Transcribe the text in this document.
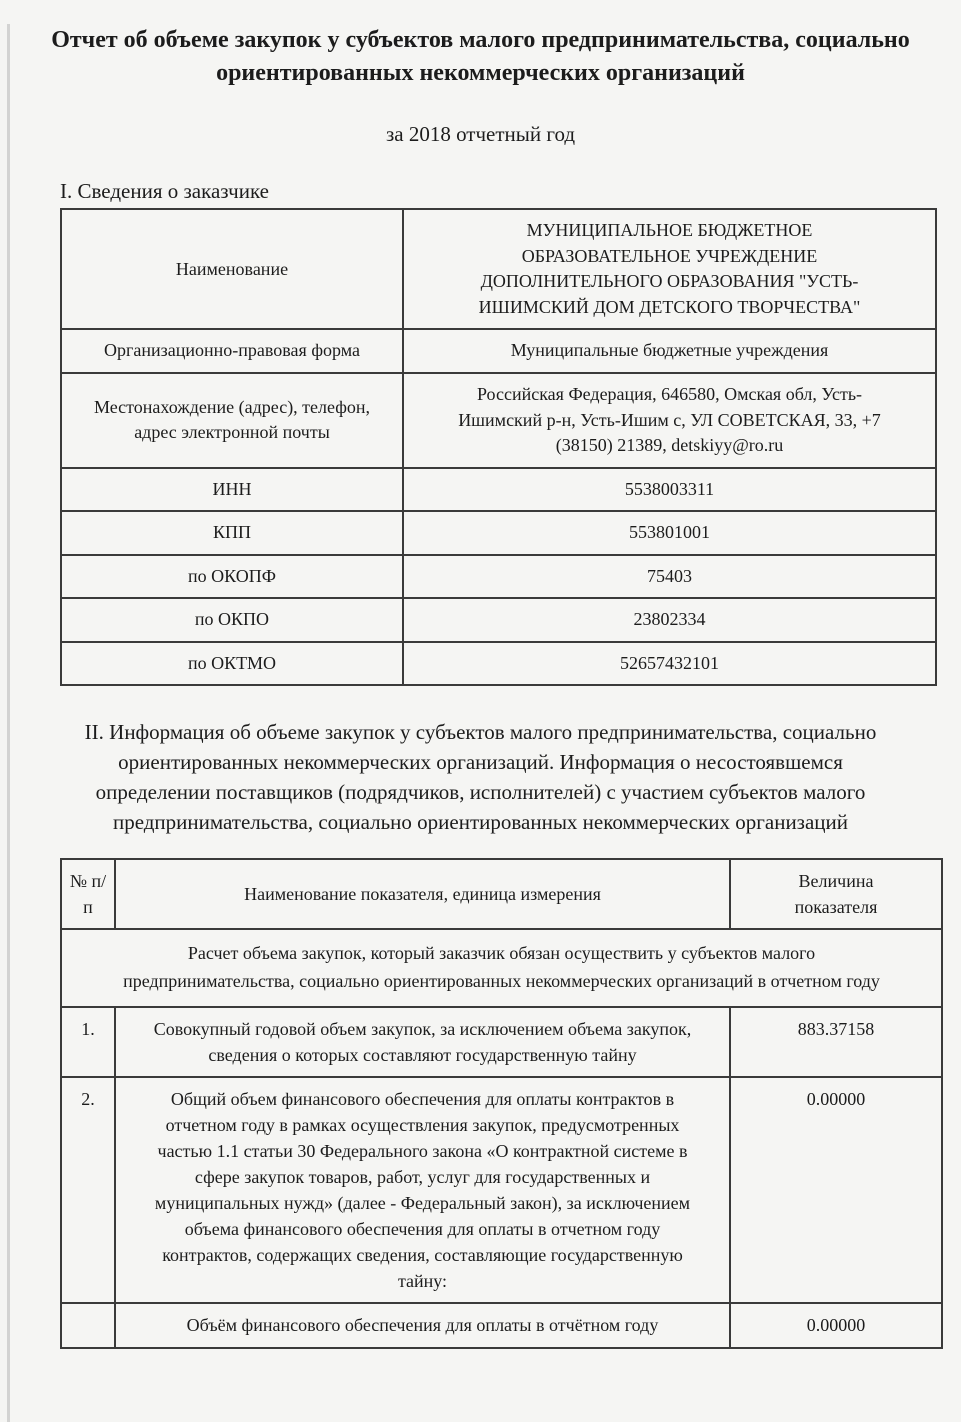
Отчет об объеме закупок у субъектов малого предпринимательства, социально ориентированных некоммерческих организаций

за 2018 отчетный год

I. Сведения о заказчике
Наименование	МУНИЦИПАЛЬНОЕ БЮДЖЕТНОЕ ОБРАЗОВАТЕЛЬНОЕ УЧРЕЖДЕНИЕ ДОПОЛНИТЕЛЬНОГО ОБРАЗОВАНИЯ "УСТЬ-ИШИМСКИЙ ДОМ ДЕТСКОГО ТВОРЧЕСТВА"
Организационно-правовая форма	Муниципальные бюджетные учреждения
Местонахождение (адрес), телефон, адрес электронной почты	Российская Федерация, 646580, Омская обл, Усть-Ишимский р-н, Усть-Ишим с, УЛ СОВЕТСКАЯ, 33, +7 (38150) 21389, detskiyy@ro.ru
ИНН	5538003311
КПП	553801001
по ОКОПФ	75403
по ОКПО	23802334
по ОКТМО	52657432101
II. Информация об объеме закупок у субъектов малого предпринимательства, социально ориентированных некоммерческих организаций. Информация о несостоявшемся определении поставщиков (подрядчиков, исполнителей) с участием субъектов малого предпринимательства, социально ориентированных некоммерческих организаций
№ п/п	Наименование показателя, единица измерения	Величина показателя
Расчет объема закупок, который заказчик обязан осуществить у субъектов малого предпринимательства, социально ориентированных некоммерческих организаций в отчетном году		
1.	Совокупный годовой объем закупок, за исключением объема закупок, сведения о которых составляют государственную тайну	883.37158
2.	Общий объем финансового обеспечения для оплаты контрактов в отчетном году в рамках осуществления закупок, предусмотренных частью 1.1 статьи 30 Федерального закона «О контрактной системе в сфере закупок товаров, работ, услуг для государственных и муниципальных нужд» (далее - Федеральный закон), за исключением объема финансового обеспечения для оплаты в отчетном году контрактов, содержащих сведения, составляющие государственную тайну:	0.00000
	Объём финансового обеспечения для оплаты в отчётном году	0.00000
